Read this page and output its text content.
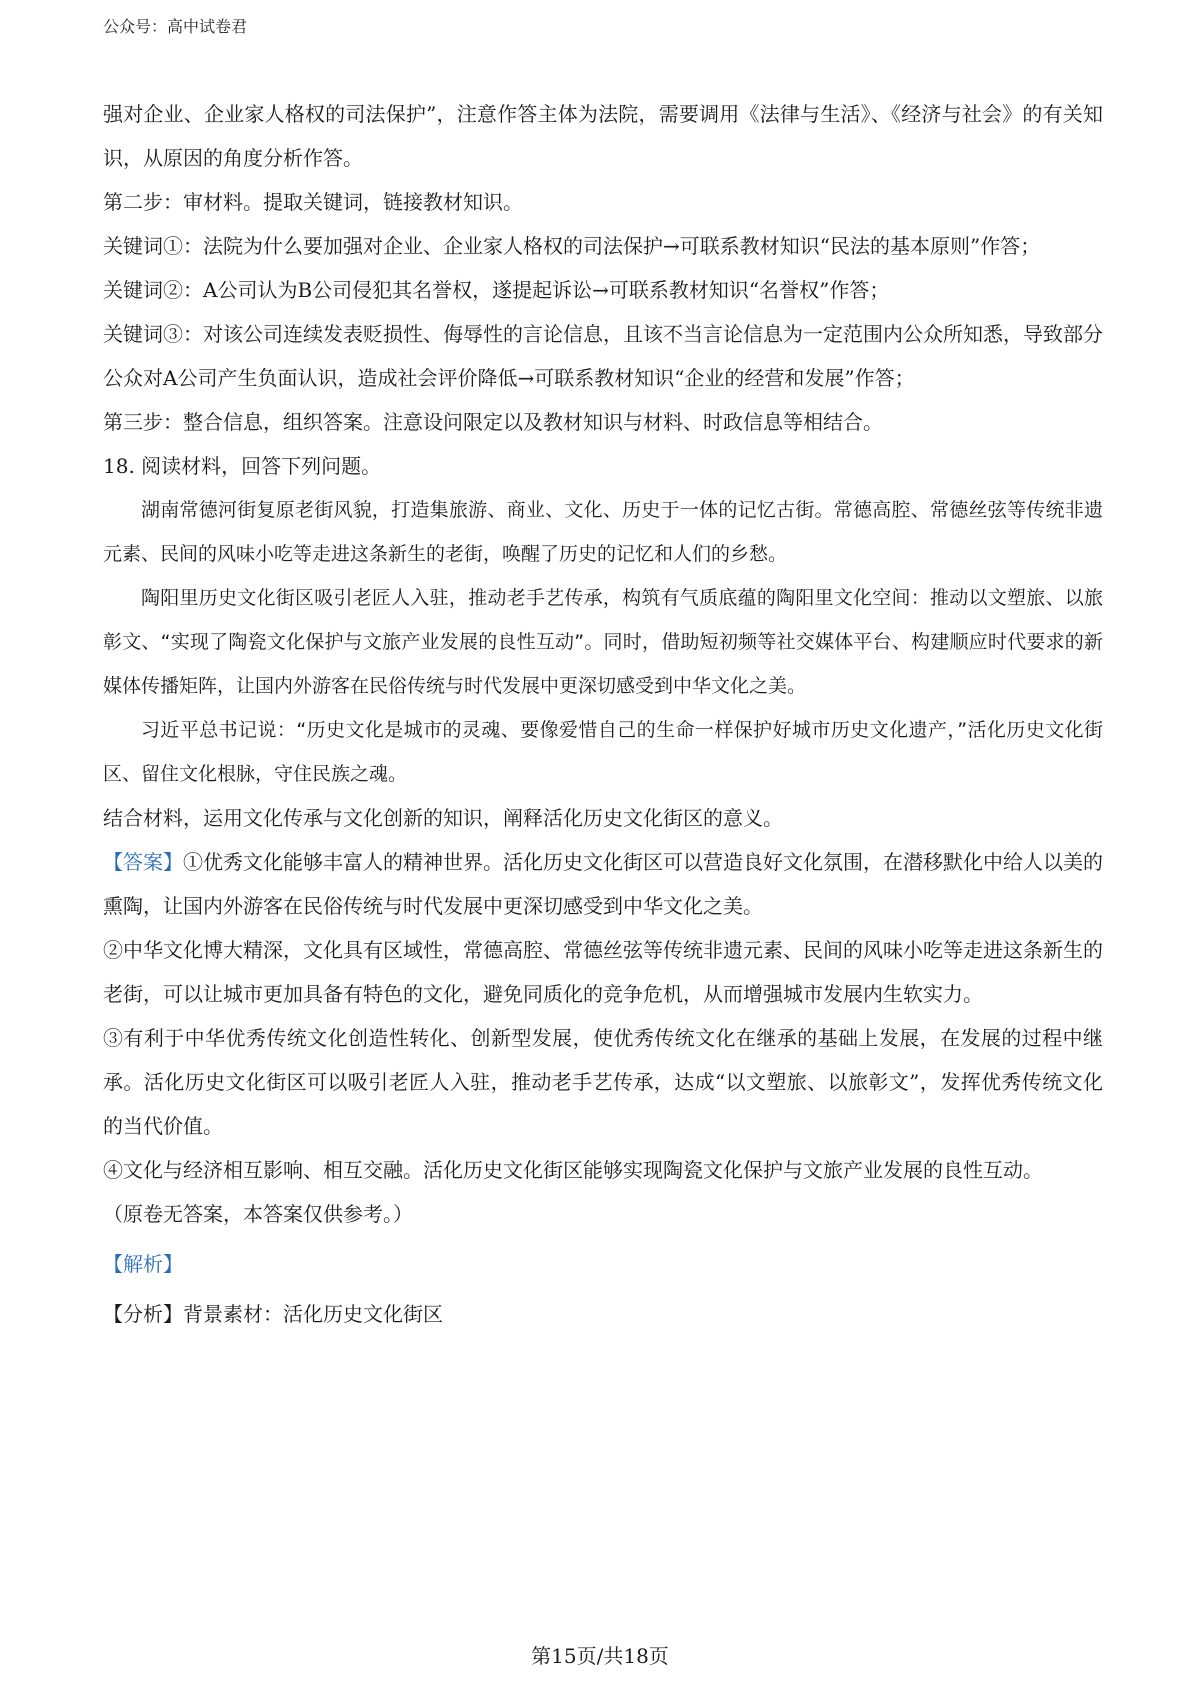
公众号：高中试卷君

强对企业、企业家人格权的司法保护”，注意作答主体为法院，需要调用《法律与生活》、《经济与社会》的有关知识，从原因的角度分析作答。

第二步：审材料。提取关键词，链接教材知识。

关键词①：法院为什么要加强对企业、企业家人格权的司法保护→可联系教材知识“民法的基本原则”作答；

关键词②：A公司认为B公司侵犯其名誉权，遂提起诉讼→可联系教材知识“名誉权”作答；

关键词③：对该公司连续发表贬损性、侮辱性的言论信息，且该不当言论信息为一定范围内公众所知悉，导致部分公众对A公司产生负面认识，造成社会评价降低→可联系教材知识“企业的经营和发展”作答；

第三步：整合信息，组织答案。注意设问限定以及教材知识与材料、时政信息等相结合。

18. 阅读材料，回答下列问题。

湖南常德河街复原老街风貌，打造集旅游、商业、文化、历史于一体的记忆古街。常德高腔、常德丝弦等传统非遗元素、民间的风味小吃等走进这条新生的老街，唤醒了历史的记忆和人们的乡愁。

陶阳里历史文化街区吸引老匠人入驻，推动老手艺传承，构筑有气质底蕴的陶阳里文化空间：推动以文塑旅、以旅彰文、“实现了陶瓷文化保护与文旅产业发展的良性互动”。同时，借助短初频等社交媒体平台、构建顺应时代要求的新媒体传播矩阵，让国内外游客在民俗传统与时代发展中更深切感受到中华文化之美。

习近平总书记说：“历史文化是城市的灵魂、要像爱惜自己的生命一样保护好城市历史文化遗产，”活化历史文化街区、留住文化根脉，守住民族之魂。

结合材料，运用文化传承与文化创新的知识，阐释活化历史文化街区的意义。

【答案】①优秀文化能够丰富人的精神世界。活化历史文化街区可以营造良好文化氛围，在潜移默化中给人以美的熏陶，让国内外游客在民俗传统与时代发展中更深切感受到中华文化之美。

②中华文化博大精深，文化具有区域性，常德高腔、常德丝弦等传统非遗元素、民间的风味小吃等走进这条新生的老街，可以让城市更加具备有特色的文化，避免同质化的竞争危机，从而增强城市发展内生软实力。

③有利于中华优秀传统文化创造性转化、创新型发展，使优秀传统文化在继承的基础上发展，在发展的过程中继承。活化历史文化街区可以吸引老匠人入驻，推动老手艺传承，达成“以文塑旅、以旅彰文”，发挥优秀传统文化的当代价值。

④文化与经济相互影响、相互交融。活化历史文化街区能够实现陶瓷文化保护与文旅产业发展的良性互动。

（原卷无答案，本答案仅供参考。）

【解析】

【分析】背景素材：活化历史文化街区

第15页/共18页
